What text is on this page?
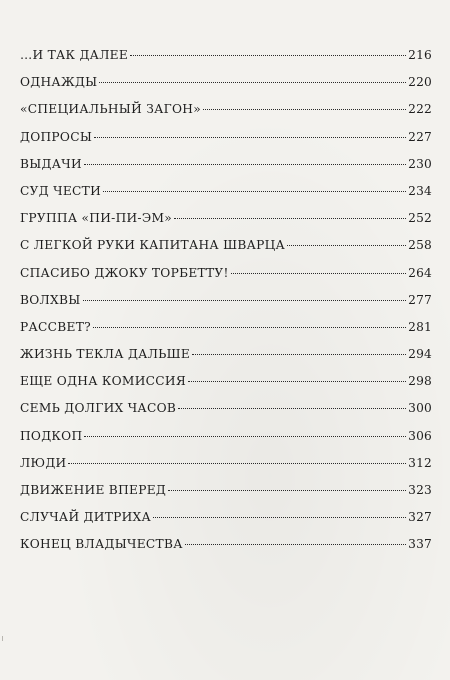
…И ТАК ДАЛЕЕ	216
ОДНАЖДЫ	220
«СПЕЦИАЛЬНЫЙ ЗАГОН»	222
ДОПРОСЫ	227
ВЫДАЧИ	230
СУД ЧЕСТИ	234
ГРУППА «ПИ-ПИ-ЭМ»	252
С ЛЕГКОЙ РУКИ КАПИТАНА ШВАРЦА	258
СПАСИБО ДЖОКУ ТОРБЕТТУ!	264
ВОЛХВЫ	277
РАССВЕТ?	281
ЖИЗНЬ ТЕКЛА ДАЛЬШЕ	294
ЕЩЕ ОДНА КОМИССИЯ	298
СЕМЬ ДОЛГИХ ЧАСОВ	300
ПОДКОП	306
ЛЮДИ	312
ДВИЖЕНИЕ ВПЕРЕД	323
СЛУЧАЙ ДИТРИХА	327
КОНЕЦ ВЛАДЫЧЕСТВА	337
